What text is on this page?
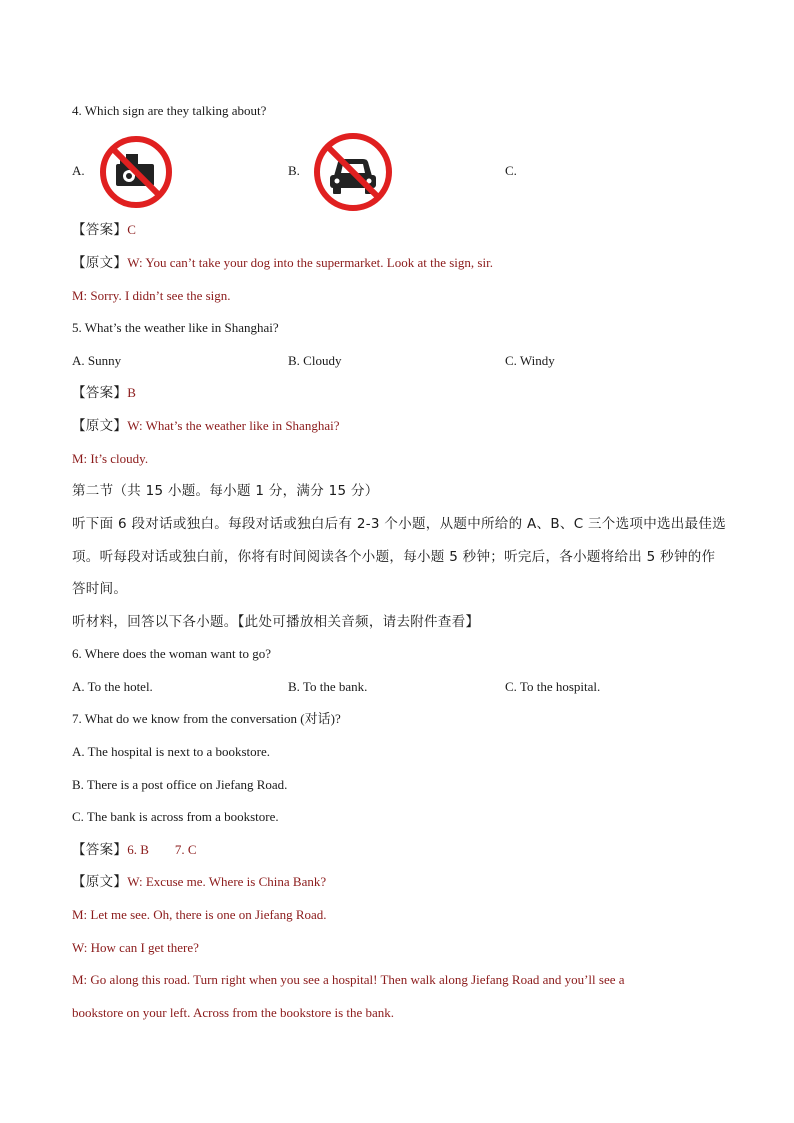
4. Which sign are they talking about?
A.	B.	C.
【答案】C
【原文】W: You can’t take your dog into the supermarket. Look at the sign, sir.
M: Sorry. I didn’t see the sign.
5. What’s the weather like in Shanghai?
A. Sunny	B. Cloudy	C. Windy
【答案】B
【原文】W: What’s the weather like in Shanghai?
M: It’s cloudy.
第二节（共 15 小题。每小题 1 分，满分 15 分）
听下面 6 段对话或独白。每段对话或独白后有 2-3 个小题，从题中所给的 A、B、C 三个选项中选出最佳选
项。听每段对话或独白前，你将有时间阅读各个小题，每小题 5 秒钟；听完后，各小题将给出 5 秒钟的作
答时间。
听材料，回答以下各小题。【此处可播放相关音频，请去附件查看】
6. Where does the woman want to go?
A. To the hotel.	B. To the bank.	C. To the hospital.
7. What do we know from the conversation (对话)?
A. The hospital is next to a bookstore.
B. There is a post office on Jiefang Road.
C. The bank is across from a bookstore.
【答案】6. B        7. C
【原文】W: Excuse me. Where is China Bank?
M: Let me see. Oh, there is one on Jiefang Road.
W: How can I get there?
M: Go along this road. Turn right when you see a hospital! Then walk along Jiefang Road and you’ll see a
bookstore on your left. Across from the bookstore is the bank.
